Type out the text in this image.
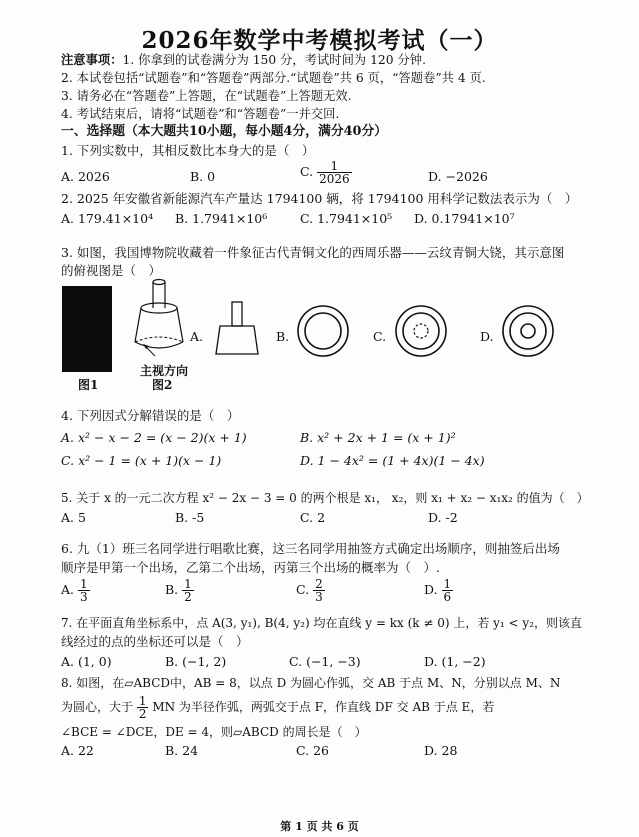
2026年数学中考模拟考试（一）
注意事项：1. 你拿到的试卷满分为 150 分，考试时间为 120 分钟.
2. 本试卷包括“试题卷”和“答题卷”两部分.“试题卷”共 6 页，“答题卷”共 4 页.
3. 请务必在“答题卷”上答题，在“试题卷”上答题无效.
4. 考试结束后，请将“试题卷”和“答题卷”一并交回.
一、选择题（本大题共10小题，每小题4分，满分40分）
1. 下列实数中，其相反数比本身大的是（　）
A. 2026	B. 0	C. $\frac{1}{2026}$	D. −2026
2. 2025 年安徽省新能源汽车产量达 1794100 辆，将 1794100 用科学记数法表示为（　）
A. 179.41×10⁴ B. 1.7941×10⁶	C. 1.7941×10⁵ D. 0.17941×10⁷
3. 如图，我国博物院收藏着一件象征古代青铜文化的西周乐器——云纹青铜大铙，其示意图
的俯视图是（　）
图1
主视方向
图2
A.	B.	C.	D.
4. 下列因式分解错误的是（　）
A. x² − x − 2 = (x − 2)(x + 1)	B. x² + 2x + 1 = (x + 1)²
C. x² − 1 = (x + 1)(x − 1)	D. 1 − 4x² = (1 + 4x)(1 − 4x)
5. 关于 x 的一元二次方程 x² − 2x − 3 = 0 的两个根是 x₁， x₂，则 x₁ + x₂ − x₁x₂ 的值为（　）
A. 5	B. -5	C. 2	D. -2
6. 九（1）班三名同学进行唱歌比赛，这三名同学用抽签方式确定出场顺序，则抽签后出场
顺序是甲第一个出场，乙第二个出场，丙第三个出场的概率为（　）.
A. $\frac{1}{3}$	B. $\frac{1}{2}$	C. $\frac{2}{3}$	D. $\frac{1}{6}$
7. 在平面直角坐标系中，点 A(3, y₁), B(4, y₂) 均在直线 y = kx (k ≠ 0) 上，若 y₁ < y₂，则该直
线经过的点的坐标还可以是（　）
A. (1, 0)	B. (−1, 2)	C. (−1, −3)	D. (1, −2)
8. 如图，在▱ABCD中，AB = 8，以点 D 为圆心作弧，交 AB 于点 M、N，分别以点 M、N
为圆心，大于 $\frac{1}{2}$ MN 为半径作弧，两弧交于点 F，作直线 DF 交 AB 于点 E，若
∠BCE = ∠DCE，DE = 4，则▱ABCD 的周长是（　）
A. 22	B. 24	C. 26	D. 28
第 1 页 共 6 页
